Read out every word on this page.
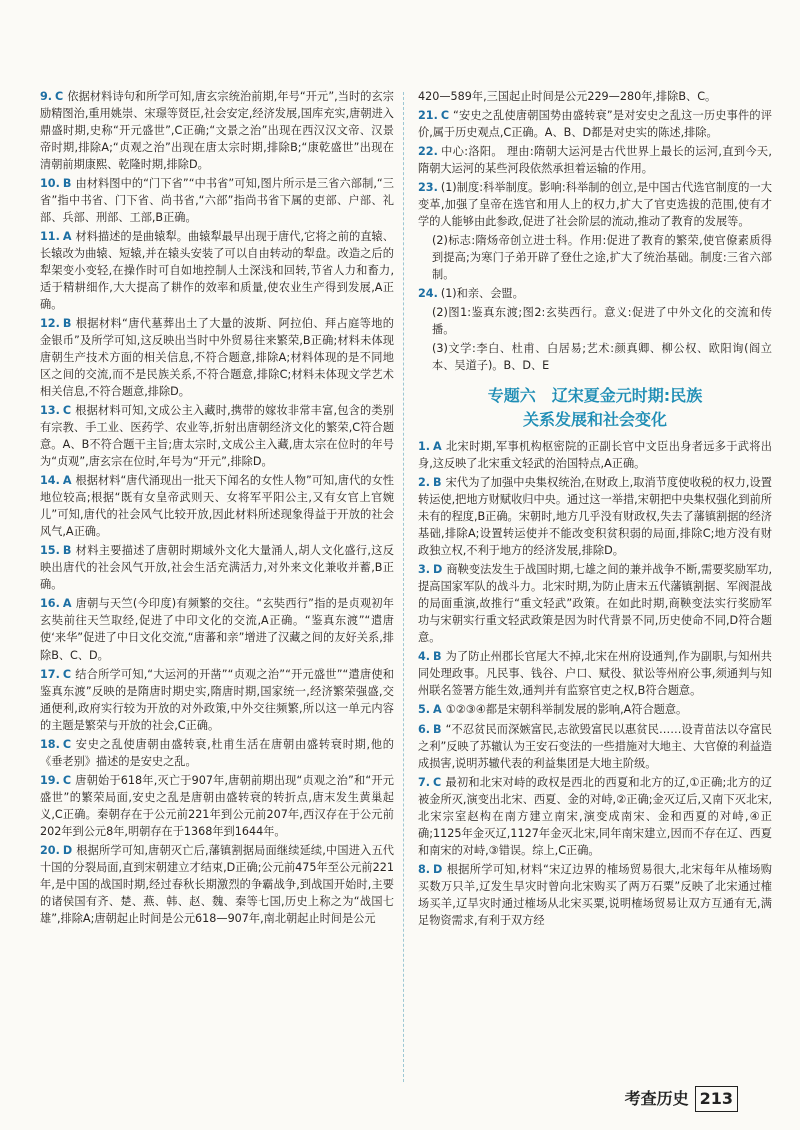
9. C 依据材料诗句和所学可知,唐玄宗统治前期,年号“开元”,当时的玄宗励精图治,重用姚崇、宋璟等贤臣,社会安定,经济发展,国库充实,唐朝进入鼎盛时期,史称“开元盛世”,C正确;“文景之治”出现在西汉汉文帝、汉景帝时期,排除A;“贞观之治”出现在唐太宗时期,排除B;“康乾盛世”出现在清朝前期康熙、乾隆时期,排除D。

10. B 由材料图中的“门下省”“中书省”可知,图片所示是三省六部制,“三省”指中书省、门下省、尚书省,“六部”指尚书省下属的吏部、户部、礼部、兵部、刑部、工部,B正确。

11. A 材料描述的是曲辕犁。曲辕犁最早出现于唐代,它将之前的直辕、长辕改为曲辕、短辕,并在辕头安装了可以自由转动的犁盘。改造之后的犁架变小变轻,在操作时可自如地控制人土深浅和回转,节省人力和畜力,适于精耕细作,大大提高了耕作的效率和质量,使农业生产得到发展,A正确。

12. B 根据材料“唐代墓葬出土了大量的波斯、阿拉伯、拜占庭等地的金银币”及所学可知,这反映出当时中外贸易往来繁荣,B正确;材料未体现唐朝生产技术方面的相关信息,不符合题意,排除A;材料体现的是不同地区之间的交流,而不是民族关系,不符合题意,排除C;材料未体现文学艺术相关信息,不符合题意,排除D。

13. C 根据材料可知,文成公主入藏时,携带的嫁妆非常丰富,包含的类别有宗教、手工业、医药学、农业等,折射出唐朝经济文化的繁荣,C符合题意。A、B不符合题干主旨;唐太宗时,文成公主入藏,唐太宗在位时的年号为“贞观”,唐玄宗在位时,年号为“开元”,排除D。

14. A 根据材料“唐代涌现出一批天下闻名的女性人物”可知,唐代的女性地位较高;根据“既有女皇帝武则天、女将军平阳公主,又有女官上官婉儿”可知,唐代的社会风气比较开放,因此材料所述现象得益于开放的社会风气,A正确。

15. B 材料主要描述了唐朝时期域外文化大量涌人,胡人文化盛行,这反映出唐代的社会风气开放,社会生活充满活力,对外来文化兼收并蓄,B正确。

16. A 唐朝与天竺(今印度)有频繁的交往。“玄奘西行”指的是贞观初年玄奘前往天竺取经,促进了中印文化的交流,A正确。“鉴真东渡”“遣唐使‘来华”促进了中日文化交流,“唐蕃和亲”增进了汉藏之间的友好关系,排除B、C、D。

17. C 结合所学可知,“大运河的开凿”“贞观之治”“开元盛世”“遣唐使和鉴真东渡”反映的是隋唐时期史实,隋唐时期,国家统一,经济繁荣强盛,交通便利,政府实行较为开放的对外政策,中外交往频繁,所以这一单元内容的主题是繁荣与开放的社会,C正确。

18. C 安史之乱使唐朝由盛转衰,杜甫生活在唐朝由盛转衰时期,他的《垂老别》描述的是安史之乱。

19. C 唐朝始于618年,灭亡于907年,唐朝前期出现“贞观之治”和“开元盛世”的繁荣局面,安史之乱是唐朝由盛转衰的转折点,唐末发生黄巢起义,C正确。秦朝存在于公元前221年到公元前207年,西汉存在于公元前202年到公元8年,明朝存在于1368年到1644年。

20. D 根据所学可知,唐朝灭亡后,藩镇割据局面继续延续,中国进入五代十国的分裂局面,直到宋朝建立才结束,D正确;公元前475年至公元前221年,是中国的战国时期,经过春秋长期激烈的争霸战争,到战国开始时,主要的诸侯国有齐、楚、燕、韩、赵、魏、秦等七国,历史上称之为“战国七雄”,排除A;唐朝起止时间是公元618—907年,南北朝起止时间是公元

420—589年,三国起止时间是公元229—280年,排除B、C。

21. C “安史之乱使唐朝国势由盛转衰”是对安史之乱这一历史事件的评价,属于历史观点,C正确。A、B、D都是对史实的陈述,排除。

22. 中心:洛阳。 理由:隋朝大运河是古代世界上最长的运河,直到今天,隋朝大运河的某些河段依然承担着运输的作用。

23. (1)制度:科举制度。影响:科举制的创立,是中国古代选官制度的一大变革,加强了皇帝在选官和用人上的权力,扩大了官吏选拔的范围,使有才学的人能够由此参政,促进了社会阶层的流动,推动了教育的发展等。

(2)标志:隋炀帝创立进士科。作用:促进了教育的繁荣,使官僚素质得到提高;为寒门子弟开辟了登仕之途,扩大了统治基础。制度:三省六部制。

24. (1)和亲、会盟。

(2)图1:鉴真东渡;图2:玄奘西行。意义:促进了中外文化的交流和传播。

(3)文学:李白、杜甫、白居易;艺术:颜真卿、柳公权、欧阳询(阎立本、吴道子)。B、D、E

专题六　辽宋夏金元时期:民族
关系发展和社会变化

1. A 北宋时期,军事机构枢密院的正副长官中文臣出身者远多于武将出身,这反映了北宋重文轻武的治国特点,A正确。

2. B 宋代为了加强中央集权统治,在财政上,取消节度使收税的权力,设置转运使,把地方财赋收归中央。通过这一举措,宋朝把中央集权强化到前所未有的程度,B正确。宋朝时,地方几乎没有财政权,失去了藩镇割据的经济基础,排除A;设置转运使并不能改变积贫积弱的局面,排除C;地方没有财政独立权,不利于地方的经济发展,排除D。

3. D 商鞅变法发生于战国时期,七雄之间的兼并战争不断,需要奖励军功,提高国家军队的战斗力。北宋时期,为防止唐末五代藩镇割据、军阀混战的局面重演,故推行“重文轻武”政策。在如此时期,商鞅变法实行奖励军功与宋朝实行重文轻武政策是因为时代背景不同,历史使命不同,D符合题意。

4. B 为了防止州郡长官尾大不掉,北宋在州府设通判,作为副职,与知州共同处理政事。凡民事、钱谷、户口、赋役、狱讼等州府公事,须通判与知州联名签署方能生效,通判并有监察官吏之权,B符合题意。

5. A ①②③④都是宋朝科举制发展的影响,A符合题意。

6. B “不忍贫民而深嫉富民,志欲毁富民以惠贫民……设青苗法以夺富民之利”反映了苏辙认为王安石变法的一些措施对大地主、大官僚的利益造成损害,说明苏辙代表的利益集团是大地主阶级。

7. C 最初和北宋对峙的政权是西北的西夏和北方的辽,①正确;北方的辽被金所灭,演变出北宋、西夏、金的对峙,②正确;金灭辽后,又南下灭北宋,北宋宗室赵构在南方建立南宋,演变成南宋、金和西夏的对峙,④正确;1125年金灭辽,1127年金灭北宋,同年南宋建立,因而不存在辽、西夏和南宋的对峙,③错误。综上,C正确。

8. D 根据所学可知,材料“宋辽边界的榷场贸易很大,北宋每年从榷场购买数万只羊,辽发生旱灾时曾向北宋购买了两万石粟”反映了北宋通过榷场买羊,辽旱灾时通过榷场从北宋买粟,说明榷场贸易让双方互通有无,满足物资需求,有利于双方经

考查历史 213
